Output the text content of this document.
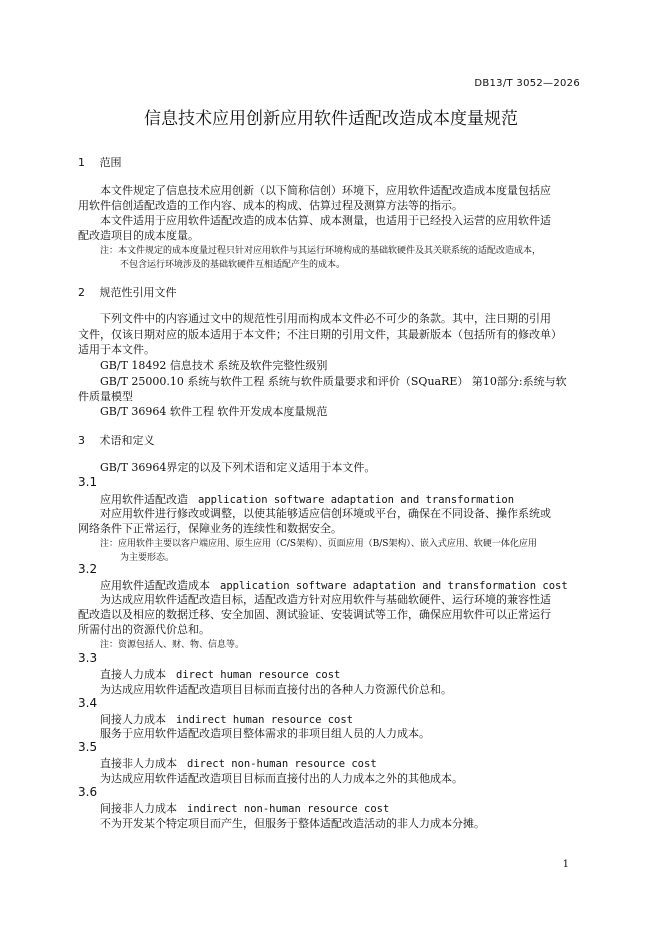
DB13/T 3052—2026
信息技术应用创新应用软件适配改造成本度量规范
1 范围
本文件规定了信息技术应用创新（以下简称信创）环境下，应用软件适配改造成本度量包括应
用软件信创适配改造的工作内容、成本的构成、估算过程及测算方法等的指示。
本文件适用于应用软件适配改造的成本估算、成本测量，也适用于已经投入运营的应用软件适
配改造项目的成本度量。
注：本文件规定的成本度量过程只针对应用软件与其运行环境构成的基础软硬件及其关联系统的适配改造成本，
不包含运行环境涉及的基础软硬件互相适配产生的成本。
2 规范性引用文件
下列文件中的内容通过文中的规范性引用而构成本文件必不可少的条款。其中，注日期的引用
文件，仅该日期对应的版本适用于本文件；不注日期的引用文件，其最新版本（包括所有的修改单）
适用于本文件。
GB/T 18492 信息技术 系统及软件完整性级别
GB/T 25000.10 系统与软件工程 系统与软件质量要求和评价（SQuaRE） 第10部分:系统与软
件质量模型
GB/T 36964 软件工程 软件开发成本度量规范
3 术语和定义
GB/T 36964界定的以及下列术语和定义适用于本文件。
3.1
应用软件适配改造 application software adaptation and transformation
对应用软件进行修改或调整，以使其能够适应信创环境或平台，确保在不同设备、操作系统或
网络条件下正常运行，保障业务的连续性和数据安全。
注：应用软件主要以客户端应用、原生应用（C/S架构）、页面应用（B/S架构）、嵌入式应用、软硬一体化应用
为主要形态。
3.2
应用软件适配改造成本 application software adaptation and transformation cost
为达成应用软件适配改造目标，适配改造方针对应用软件与基础软硬件、运行环境的兼容性适
配改造以及相应的数据迁移、安全加固、测试验证、安装调试等工作，确保应用软件可以正常运行
所需付出的资源代价总和。
注：资源包括人、财、物、信息等。
3.3
直接人力成本 direct human resource cost
为达成应用软件适配改造项目目标而直接付出的各种人力资源代价总和。
3.4
间接人力成本 indirect human resource cost
服务于应用软件适配改造项目整体需求的非项目组人员的人力成本。
3.5
直接非人力成本 direct non-human resource cost
为达成应用软件适配改造项目目标而直接付出的人力成本之外的其他成本。
3.6
间接非人力成本 indirect non-human resource cost
不为开发某个特定项目而产生，但服务于整体适配改造活动的非人力成本分摊。
1
